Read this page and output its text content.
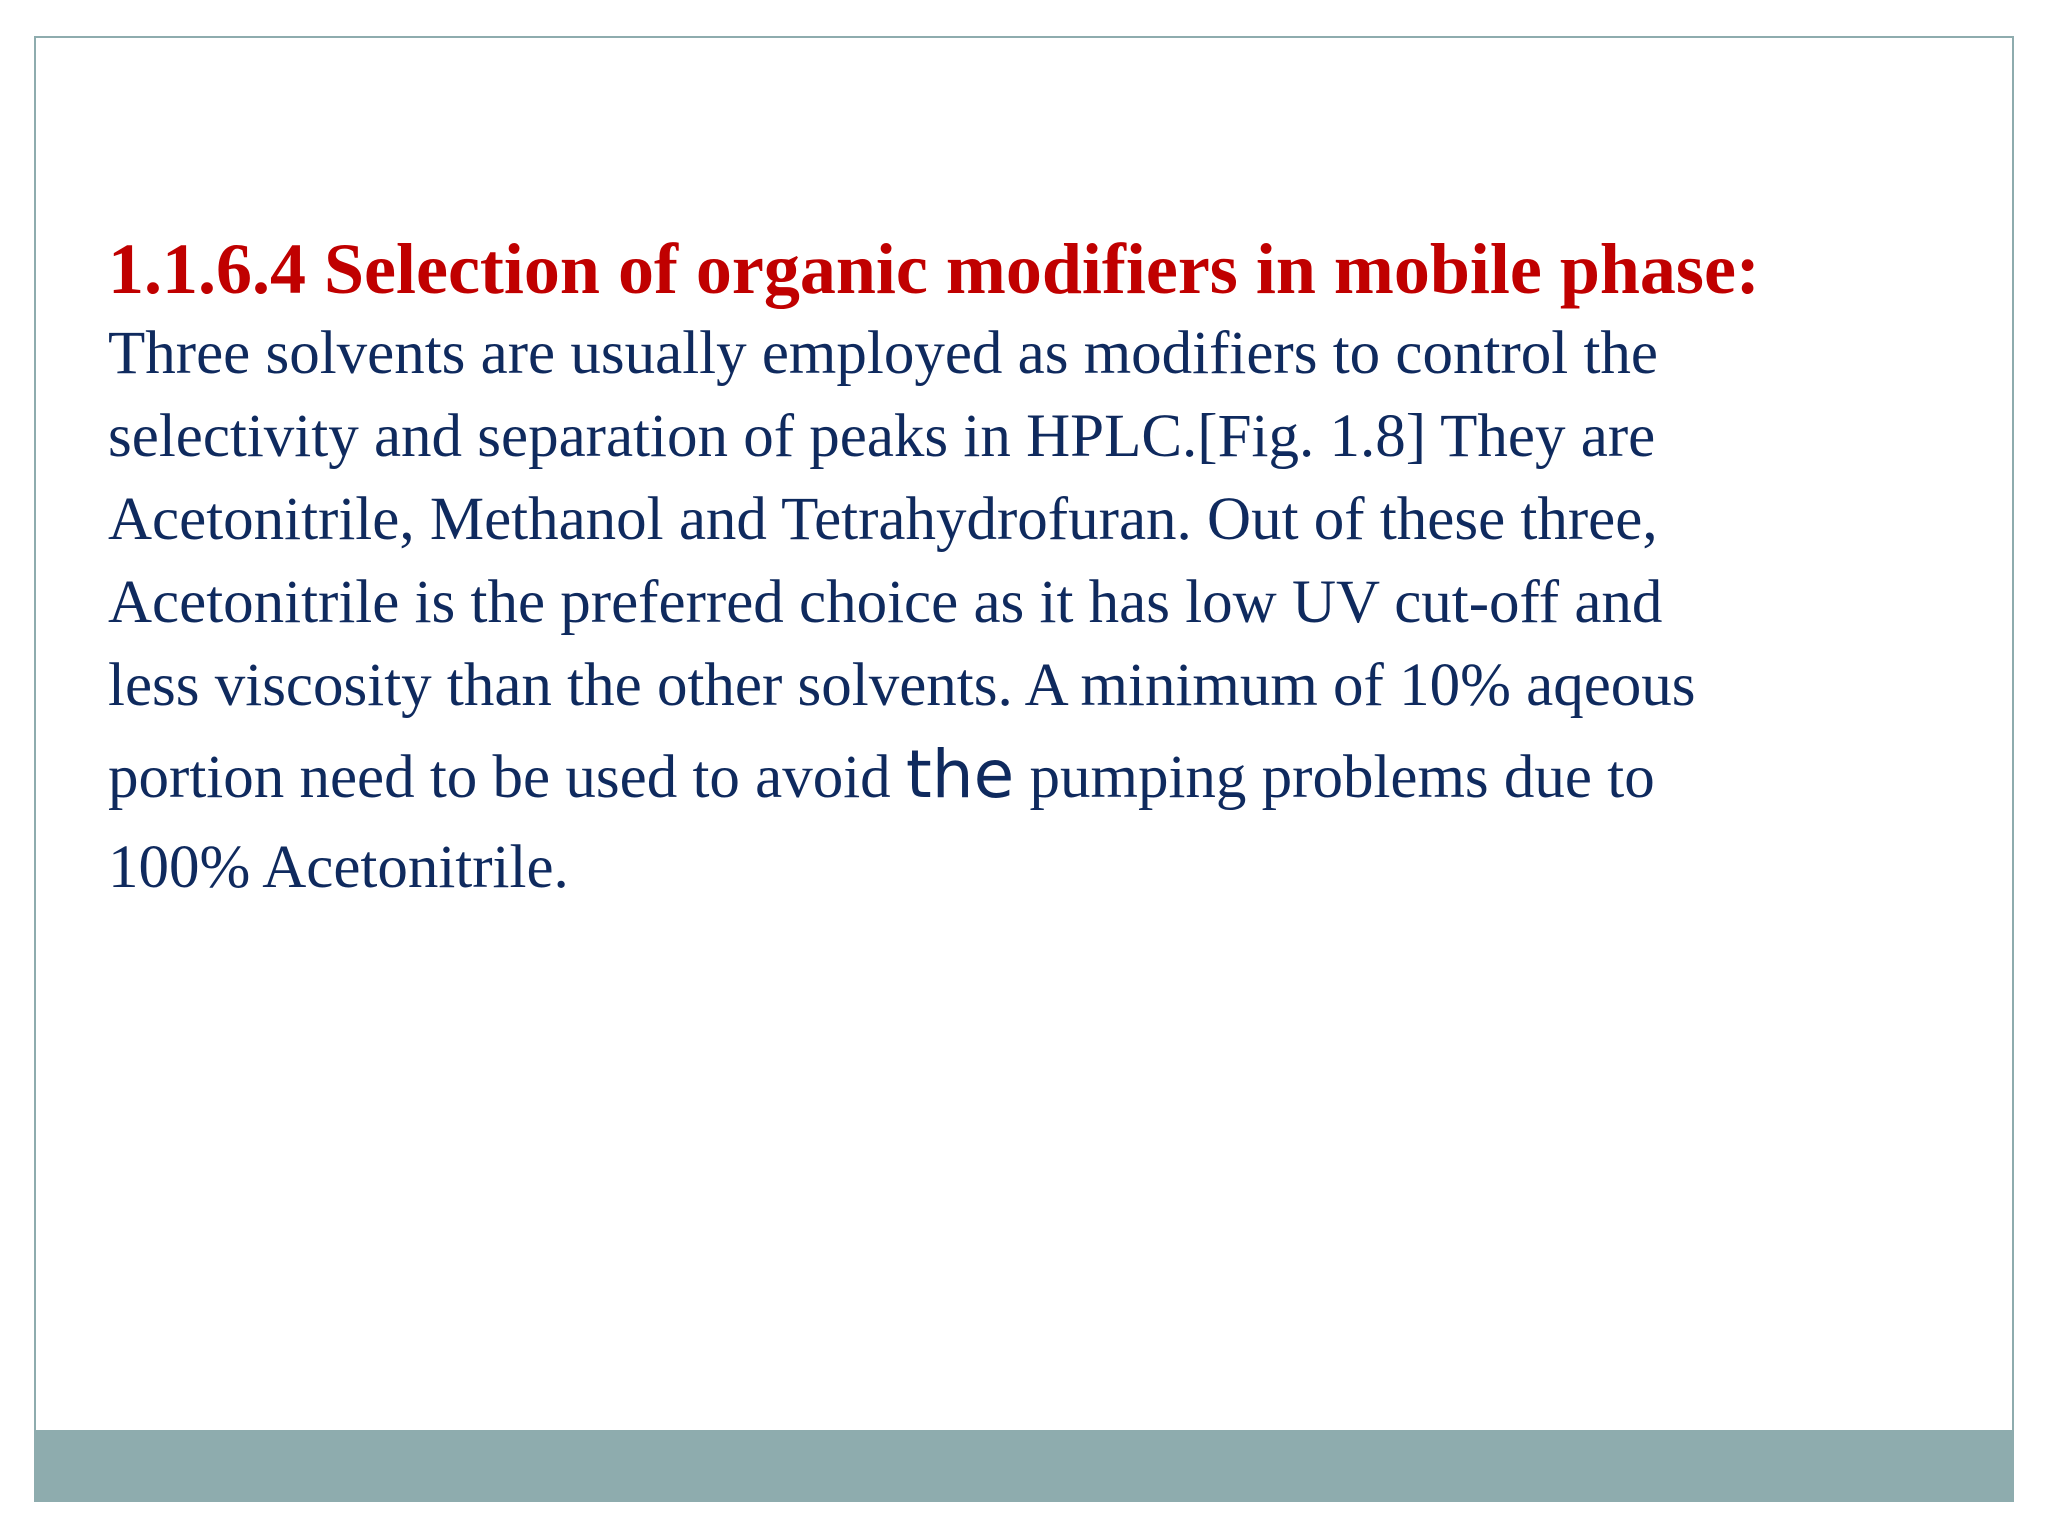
1.1.6.4 Selection of organic modifiers in mobile phase:

Three solvents are usually employed as modifiers to control the
selectivity and separation of peaks in HPLC.[Fig. 1.8] They are
Acetonitrile, Methanol and Tetrahydrofuran. Out of these three,
Acetonitrile is the preferred choice as it has low UV cut-off and
less viscosity than the other solvents. A minimum of 10% aqeous
portion need to be used to avoid the pumping problems due to
100% Acetonitrile.
